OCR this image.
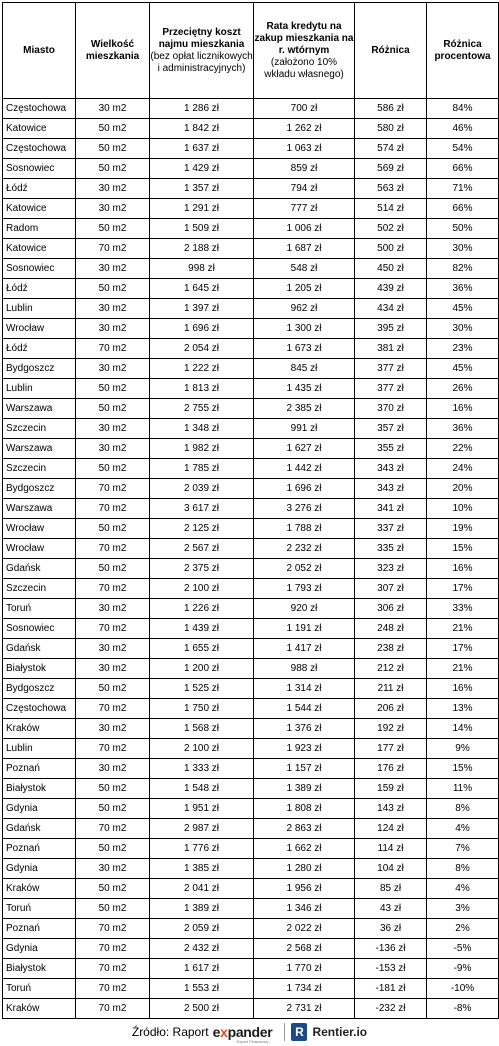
Miasto	Wielkość mieszkania	Przeciętny koszt najmu mieszkania
(bez opłat licznikowych i administracyjnych)	Rata kredytu na zakup mieszkania na r. wtórnym
(założono 10% wkładu własnego)	Różnica	Różnica procentowa
Częstochowa	30 m2	1 286 zł	700 zł	586 zł	84%
Katowice	50 m2	1 842 zł	1 262 zł	580 zł	46%
Częstochowa	50 m2	1 637 zł	1 063 zł	574 zł	54%
Sosnowiec	50 m2	1 429 zł	859 zł	569 zł	66%
Łódź	30 m2	1 357 zł	794 zł	563 zł	71%
Katowice	30 m2	1 291 zł	777 zł	514 zł	66%
Radom	50 m2	1 509 zł	1 006 zł	502 zł	50%
Katowice	70 m2	2 188 zł	1 687 zł	500 zł	30%
Sosnowiec	30 m2	998 zł	548 zł	450 zł	82%
Łódź	50 m2	1 645 zł	1 205 zł	439 zł	36%
Lublin	30 m2	1 397 zł	962 zł	434 zł	45%
Wrocław	30 m2	1 696 zł	1 300 zł	395 zł	30%
Łódź	70 m2	2 054 zł	1 673 zł	381 zł	23%
Bydgoszcz	30 m2	1 222 zł	845 zł	377 zł	45%
Lublin	50 m2	1 813 zł	1 435 zł	377 zł	26%
Warszawa	50 m2	2 755 zł	2 385 zł	370 zł	16%
Szczecin	30 m2	1 348 zł	991 zł	357 zł	36%
Warszawa	30 m2	1 982 zł	1 627 zł	355 zł	22%
Szczecin	50 m2	1 785 zł	1 442 zł	343 zł	24%
Bydgoszcz	70 m2	2 039 zł	1 696 zł	343 zł	20%
Warszawa	70 m2	3 617 zł	3 276 zł	341 zł	10%
Wrocław	50 m2	2 125 zł	1 788 zł	337 zł	19%
Wrocław	70 m2	2 567 zł	2 232 zł	335 zł	15%
Gdańsk	50 m2	2 375 zł	2 052 zł	323 zł	16%
Szczecin	70 m2	2 100 zł	1 793 zł	307 zł	17%
Toruń	30 m2	1 226 zł	920 zł	306 zł	33%
Sosnowiec	70 m2	1 439 zł	1 191 zł	248 zł	21%
Gdańsk	30 m2	1 655 zł	1 417 zł	238 zł	17%
Białystok	30 m2	1 200 zł	988 zł	212 zł	21%
Bydgoszcz	50 m2	1 525 zł	1 314 zł	211 zł	16%
Częstochowa	70 m2	1 750 zł	1 544 zł	206 zł	13%
Kraków	30 m2	1 568 zł	1 376 zł	192 zł	14%
Lublin	70 m2	2 100 zł	1 923 zł	177 zł	9%
Poznań	30 m2	1 333 zł	1 157 zł	176 zł	15%
Białystok	50 m2	1 548 zł	1 389 zł	159 zł	11%
Gdynia	50 m2	1 951 zł	1 808 zł	143 zł	8%
Gdańsk	70 m2	2 987 zł	2 863 zł	124 zł	4%
Poznań	50 m2	1 776 zł	1 662 zł	114 zł	7%
Gdynia	30 m2	1 385 zł	1 280 zł	104 zł	8%
Kraków	50 m2	2 041 zł	1 956 zł	85 zł	4%
Toruń	50 m2	1 389 zł	1 346 zł	43 zł	3%
Poznań	70 m2	2 059 zł	2 022 zł	36 zł	2%
Gdynia	70 m2	2 432 zł	2 568 zł	-136 zł	-5%
Białystok	70 m2	1 617 zł	1 770 zł	-153 zł	-9%
Toruń	70 m2	1 553 zł	1 734 zł	-181 zł	-10%
Kraków	70 m2	2 500 zł	2 731 zł	-232 zł	-8%
Źródło: Raport expander
Expert Finansowy
R Rentier.io
